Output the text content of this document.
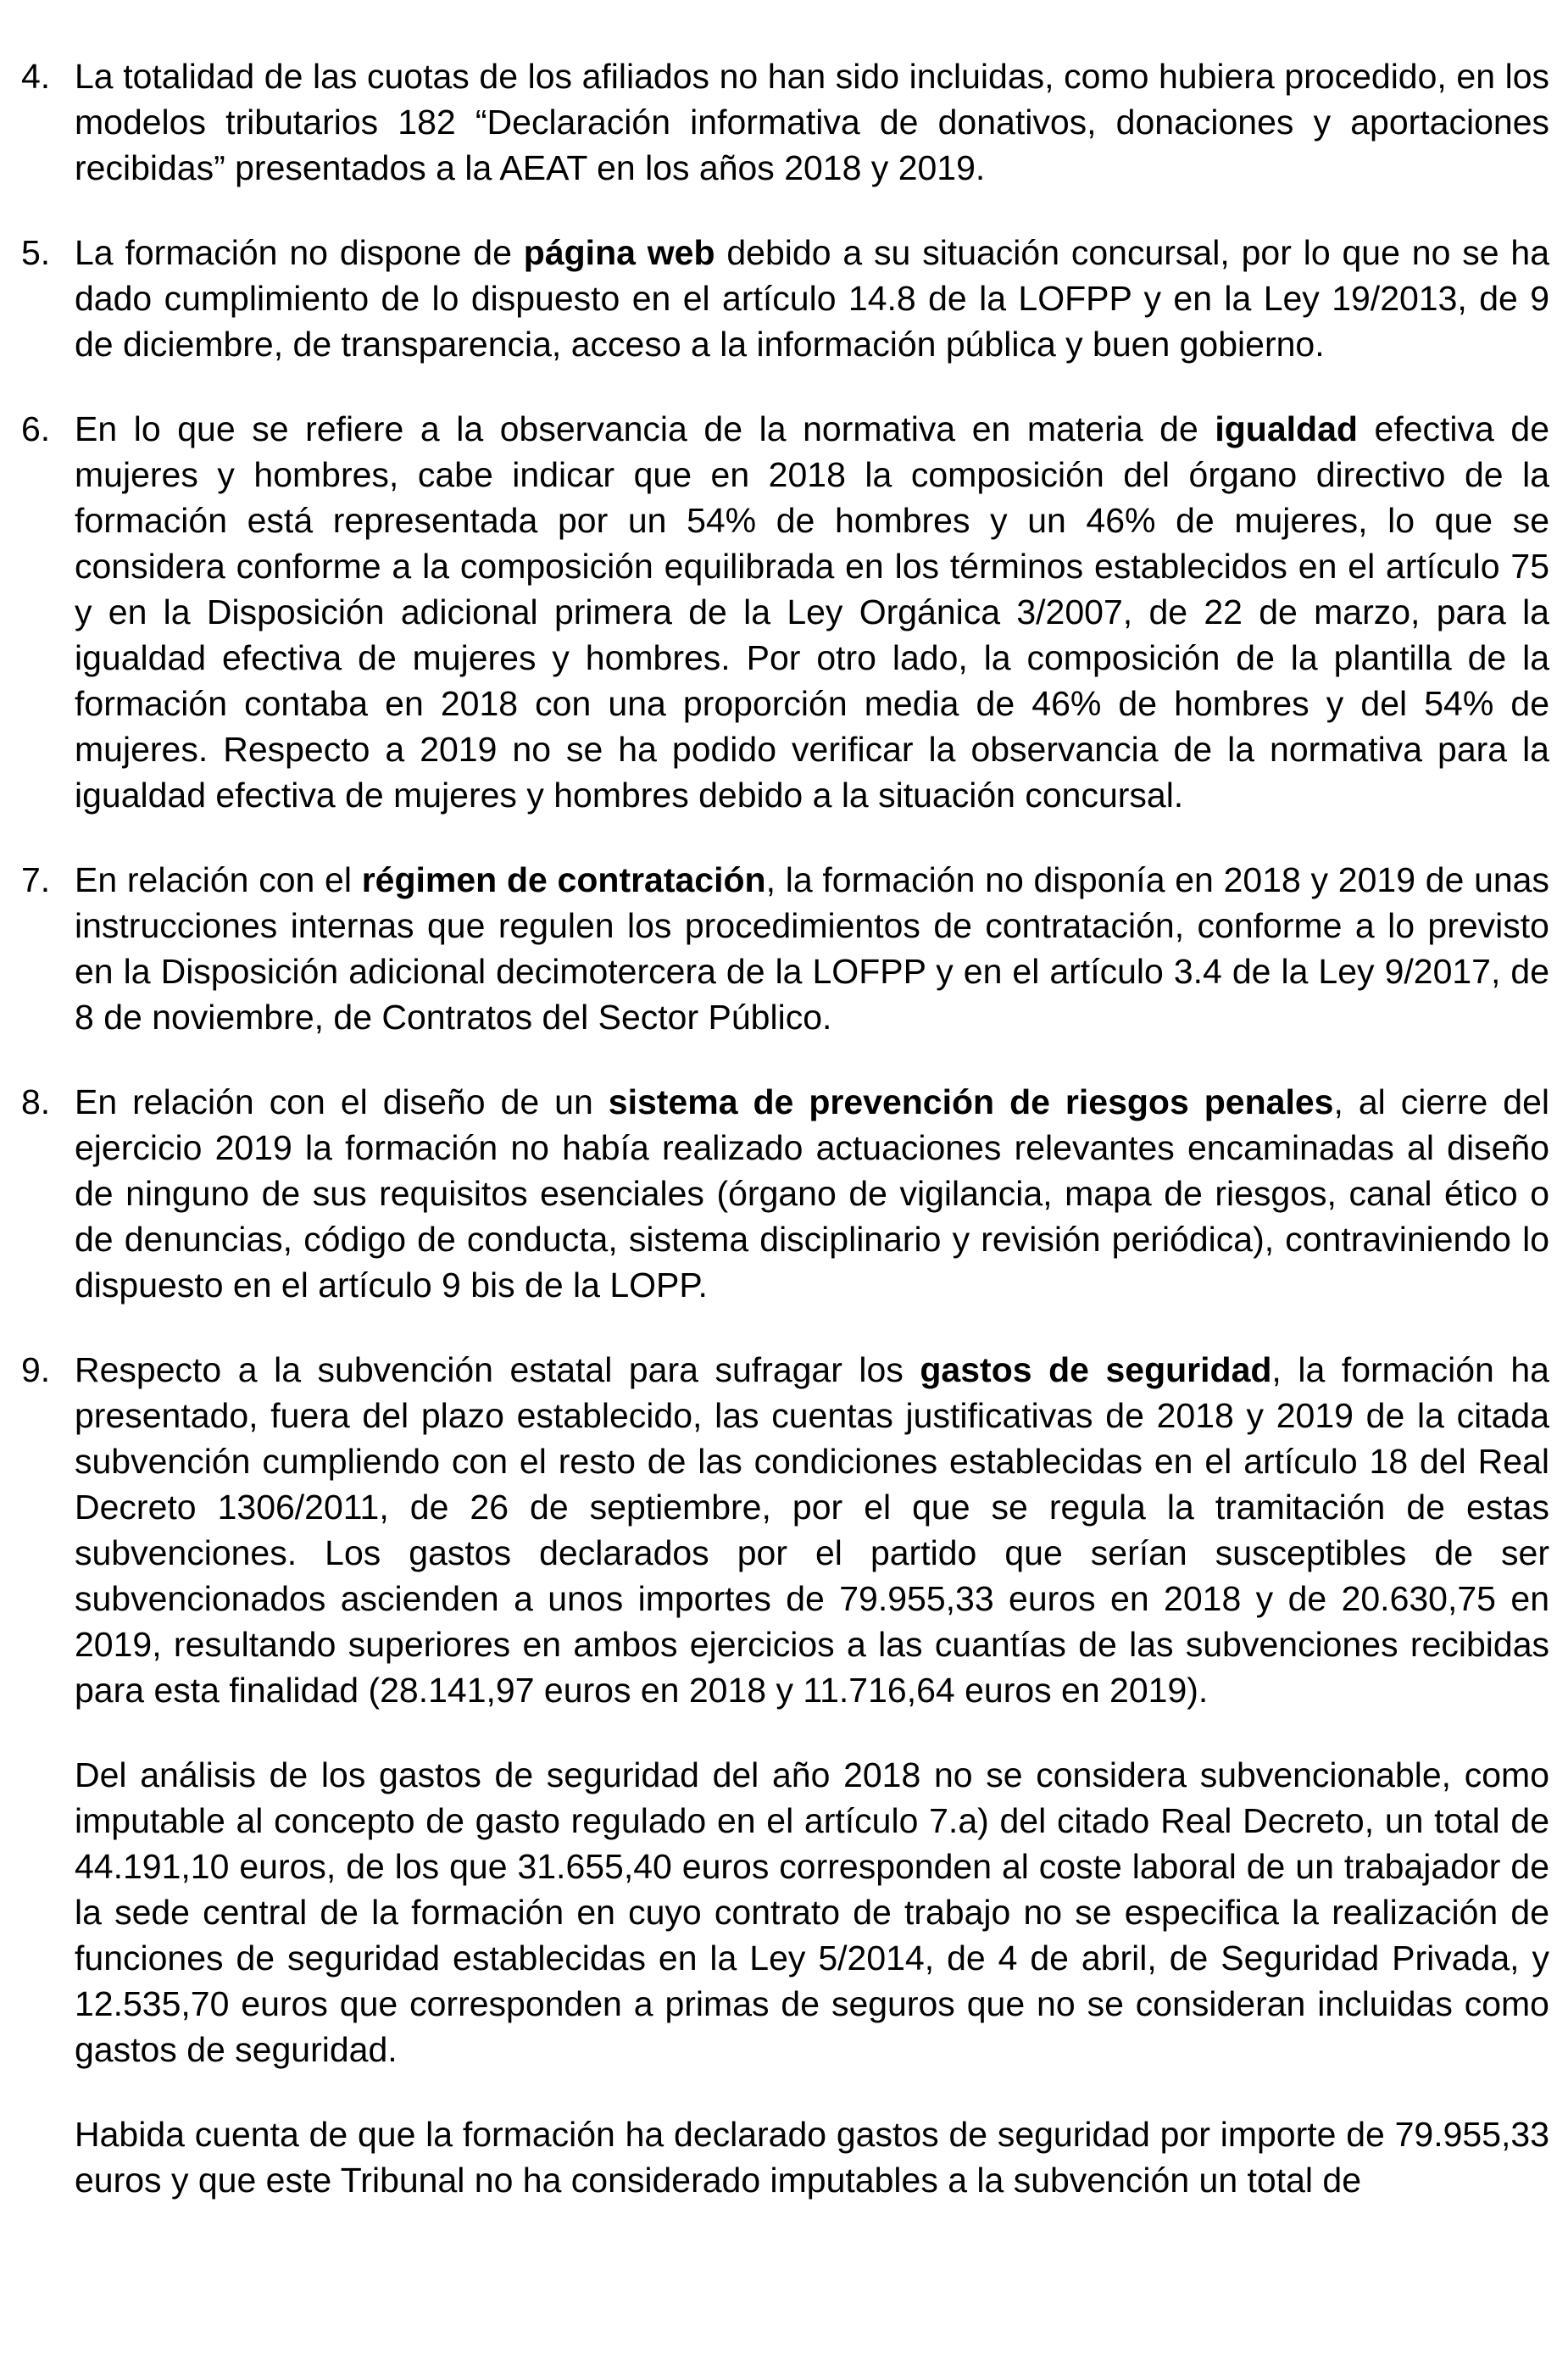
4. La totalidad de las cuotas de los afiliados no han sido incluidas, como hubiera procedido, en los modelos tributarios 182 “Declaración informativa de donativos, donaciones y aportaciones recibidas” presentados a la AEAT en los años 2018 y 2019.
5. La formación no dispone de página web debido a su situación concursal, por lo que no se ha dado cumplimiento de lo dispuesto en el artículo 14.8 de la LOFPP y en la Ley 19/2013, de 9 de diciembre, de transparencia, acceso a la información pública y buen gobierno.
6. En lo que se refiere a la observancia de la normativa en materia de igualdad efectiva de mujeres y hombres, cabe indicar que en 2018 la composición del órgano directivo de la formación está representada por un 54% de hombres y un 46% de mujeres, lo que se considera conforme a la composición equilibrada en los términos establecidos en el artículo 75 y en la Disposición adicional primera de la Ley Orgánica 3/2007, de 22 de marzo, para la igualdad efectiva de mujeres y hombres. Por otro lado, la composición de la plantilla de la formación contaba en 2018 con una proporción media de 46% de hombres y del 54% de mujeres. Respecto a 2019 no se ha podido verificar la observancia de la normativa para la igualdad efectiva de mujeres y hombres debido a la situación concursal.
7. En relación con el régimen de contratación, la formación no disponía en 2018 y 2019 de unas instrucciones internas que regulen los procedimientos de contratación, conforme a lo previsto en la Disposición adicional decimotercera de la LOFPP y en el artículo 3.4 de la Ley 9/2017, de 8 de noviembre, de Contratos del Sector Público.
8. En relación con el diseño de un sistema de prevención de riesgos penales, al cierre del ejercicio 2019 la formación no había realizado actuaciones relevantes encaminadas al diseño de ninguno de sus requisitos esenciales (órgano de vigilancia, mapa de riesgos, canal ético o de denuncias, código de conducta, sistema disciplinario y revisión periódica), contraviniendo lo dispuesto en el artículo 9 bis de la LOPP.
9. Respecto a la subvención estatal para sufragar los gastos de seguridad, la formación ha presentado, fuera del plazo establecido, las cuentas justificativas de 2018 y 2019 de la citada subvención cumpliendo con el resto de las condiciones establecidas en el artículo 18 del Real Decreto 1306/2011, de 26 de septiembre, por el que se regula la tramitación de estas subvenciones. Los gastos declarados por el partido que serían susceptibles de ser subvencionados ascienden a unos importes de 79.955,33 euros en 2018 y de 20.630,75 en 2019, resultando superiores en ambos ejercicios a las cuantías de las subvenciones recibidas para esta finalidad (28.141,97 euros en 2018 y 11.716,64 euros en 2019).
Del análisis de los gastos de seguridad del año 2018 no se considera subvencionable, como imputable al concepto de gasto regulado en el artículo 7.a) del citado Real Decreto, un total de 44.191,10 euros, de los que 31.655,40 euros corresponden al coste laboral de un trabajador de la sede central de la formación en cuyo contrato de trabajo no se especifica la realización de funciones de seguridad establecidas en la Ley 5/2014, de 4 de abril, de Seguridad Privada, y 12.535,70 euros que corresponden a primas de seguros que no se consideran incluidas como gastos de seguridad.
Habida cuenta de que la formación ha declarado gastos de seguridad por importe de 79.955,33 euros y que este Tribunal no ha considerado imputables a la subvención un total de
